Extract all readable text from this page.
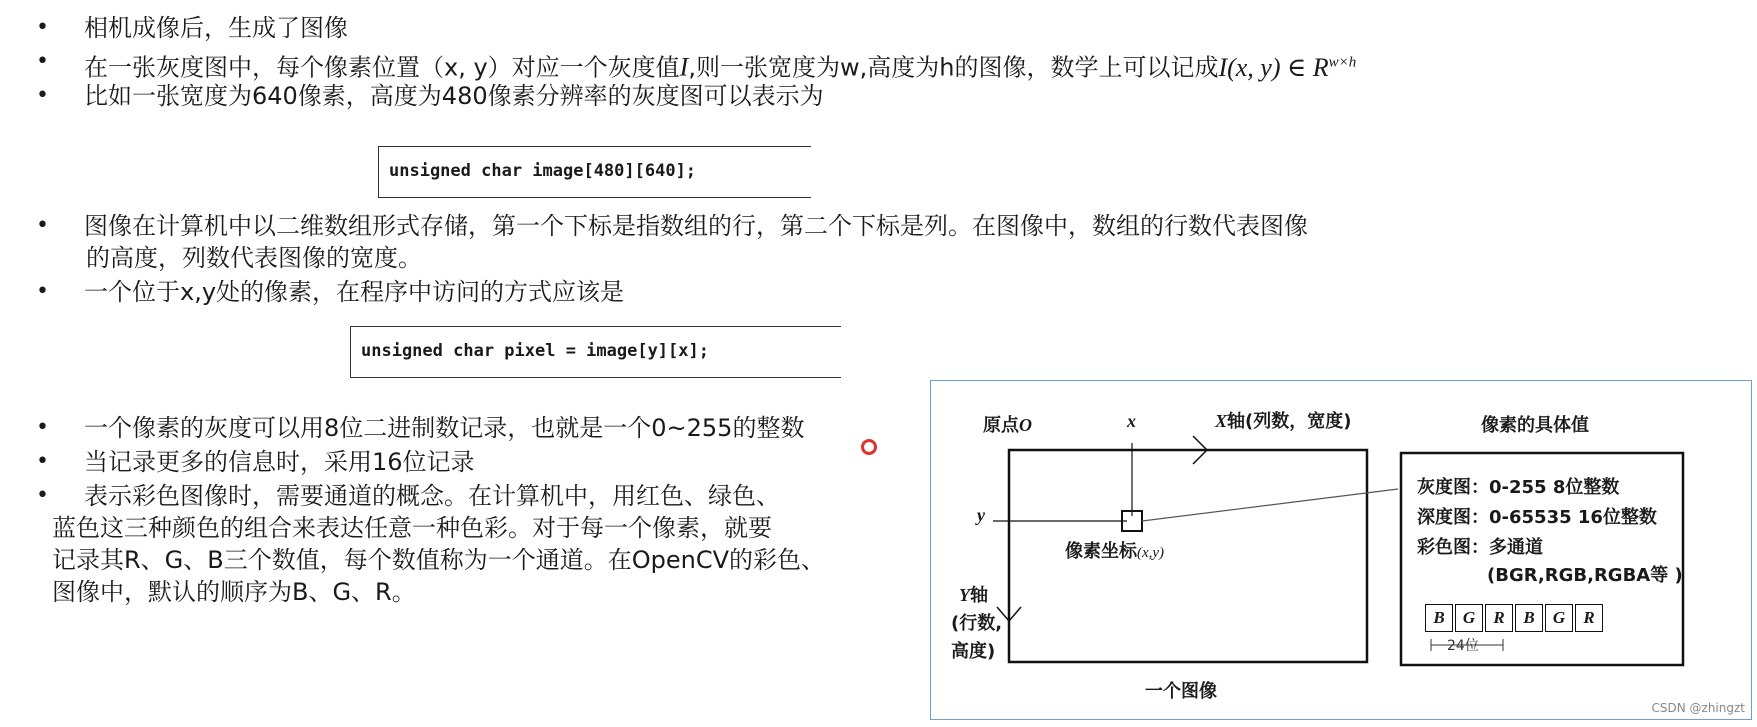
• 相机成像后，生成了图像
• 在一张灰度图中，每个像素位置（x, y）对应一个灰度值I,则一张宽度为w,高度为h的图像，数学上可以记成I(x, y) ∈ $R^{w\times h}$
• 比如一张宽度为640像素，高度为480像素分辨率的灰度图可以表示为
unsigned char image[480][640];
• 图像在计算机中以二维数组形式存储，第一个下标是指数组的行，第二个下标是列。在图像中，数组的行数代表图像
的高度，列数代表图像的宽度。
• 一个位于x,y处的像素，在程序中访问的方式应该是
unsigned char pixel = image[y][x];
• 一个像素的灰度可以用8位二进制数记录，也就是一个0~255的整数
• 当记录更多的信息时，采用16位记录
• 表示彩色图像时，需要通道的概念。在计算机中，用红色、绿色、
蓝色这三种颜色的组合来表达任意一种色彩。对于每一个像素，就要
记录其R、G、B三个数值，每个数值称为一个通道。在OpenCV的彩色、
图像中，默认的顺序为B、G、R。
原点O	x	X轴(列数，宽度)
y
像素坐标(x,y)
Y轴
(行数,
高度)
一个图像
像素的具体值
灰度图：0-255 8位整数
深度图：0-65535 16位整数
彩色图：多通道
(BGR,RGB,RGBA等 )
B	G	R	B	G	R
24位
CSDN @zhingzt
